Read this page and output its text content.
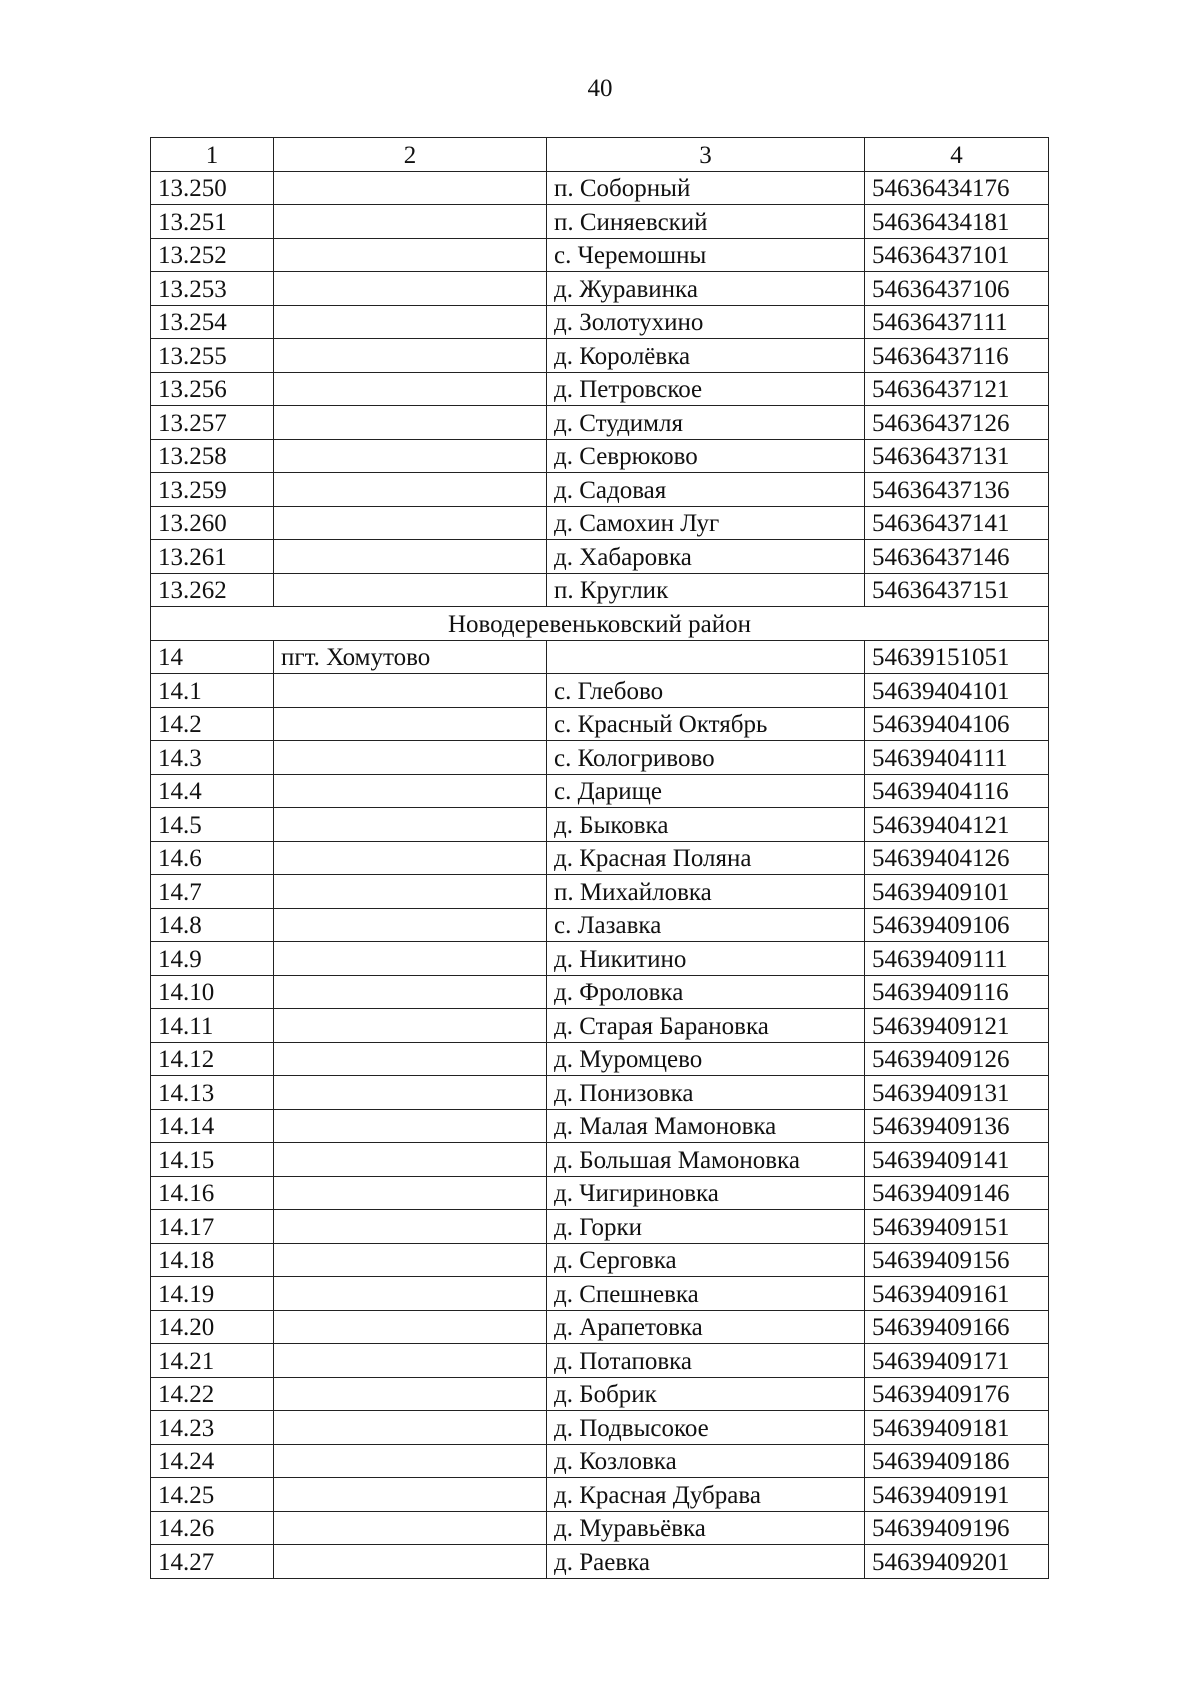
40
1	2	3	4
13.250		п. Соборный	54636434176
13.251		п. Синяевский	54636434181
13.252		с. Черемошны	54636437101
13.253		д. Журавинка	54636437106
13.254		д. Золотухино	54636437111
13.255		д. Королёвка	54636437116
13.256		д. Петровское	54636437121
13.257		д. Студимля	54636437126
13.258		д. Севрюково	54636437131
13.259		д. Садовая	54636437136
13.260		д. Самохин Луг	54636437141
13.261		д. Хабаровка	54636437146
13.262		п. Круглик	54636437151
Новодеревеньковский район			
14	пгт. Хомутово		54639151051
14.1		с. Глебово	54639404101
14.2		с. Красный Октябрь	54639404106
14.3		с. Кологривово	54639404111
14.4		с. Дарище	54639404116
14.5		д. Быковка	54639404121
14.6		д. Красная Поляна	54639404126
14.7		п. Михайловка	54639409101
14.8		с. Лазавка	54639409106
14.9		д. Никитино	54639409111
14.10		д. Фроловка	54639409116
14.11		д. Старая Барановка	54639409121
14.12		д. Муромцево	54639409126
14.13		д. Понизовка	54639409131
14.14		д. Малая Мамоновка	54639409136
14.15		д. Большая Мамоновка	54639409141
14.16		д. Чигириновка	54639409146
14.17		д. Горки	54639409151
14.18		д. Серговка	54639409156
14.19		д. Спешневка	54639409161
14.20		д. Арапетовка	54639409166
14.21		д. Потаповка	54639409171
14.22		д. Бобрик	54639409176
14.23		д. Подвысокое	54639409181
14.24		д. Козловка	54639409186
14.25		д. Красная Дубрава	54639409191
14.26		д. Муравьёвка	54639409196
14.27		д. Раевка	54639409201
